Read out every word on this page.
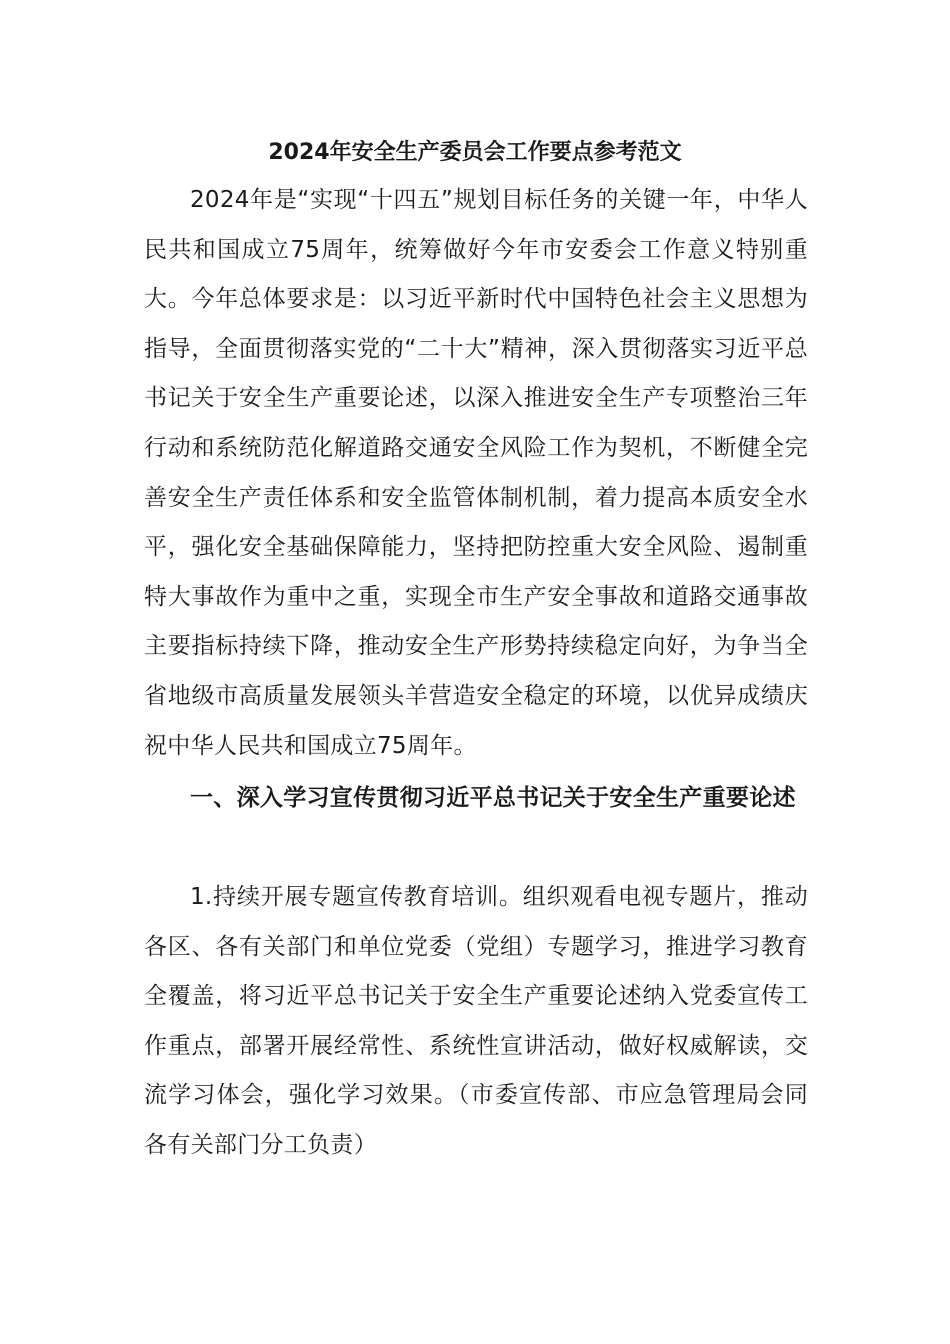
2024年安全生产委员会工作要点参考范文

2024年是“实现“十四五”规划目标任务的关键一年，中华人民共和国成立75周年，统筹做好今年市安委会工作意义特别重大。今年总体要求是：以习近平新时代中国特色社会主义思想为指导，全面贯彻落实党的“二十大”精神，深入贯彻落实习近平总书记关于安全生产重要论述，以深入推进安全生产专项整治三年行动和系统防范化解道路交通安全风险工作为契机，不断健全完善安全生产责任体系和安全监管体制机制，着力提高本质安全水平，强化安全基础保障能力，坚持把防控重大安全风险、遏制重特大事故作为重中之重，实现全市生产安全事故和道路交通事故主要指标持续下降，推动安全生产形势持续稳定向好，为争当全省地级市高质量发展领头羊营造安全稳定的环境，以优异成绩庆祝中华人民共和国成立75周年。

一、深入学习宣传贯彻习近平总书记关于安全生产重要论述

1.持续开展专题宣传教育培训。组织观看电视专题片，推动各区、各有关部门和单位党委（党组）专题学习，推进学习教育全覆盖，将习近平总书记关于安全生产重要论述纳入党委宣传工作重点，部署开展经常性、系统性宣讲活动，做好权威解读，交流学习体会，强化学习效果。（市委宣传部、市应急管理局会同各有关部门分工负责）
